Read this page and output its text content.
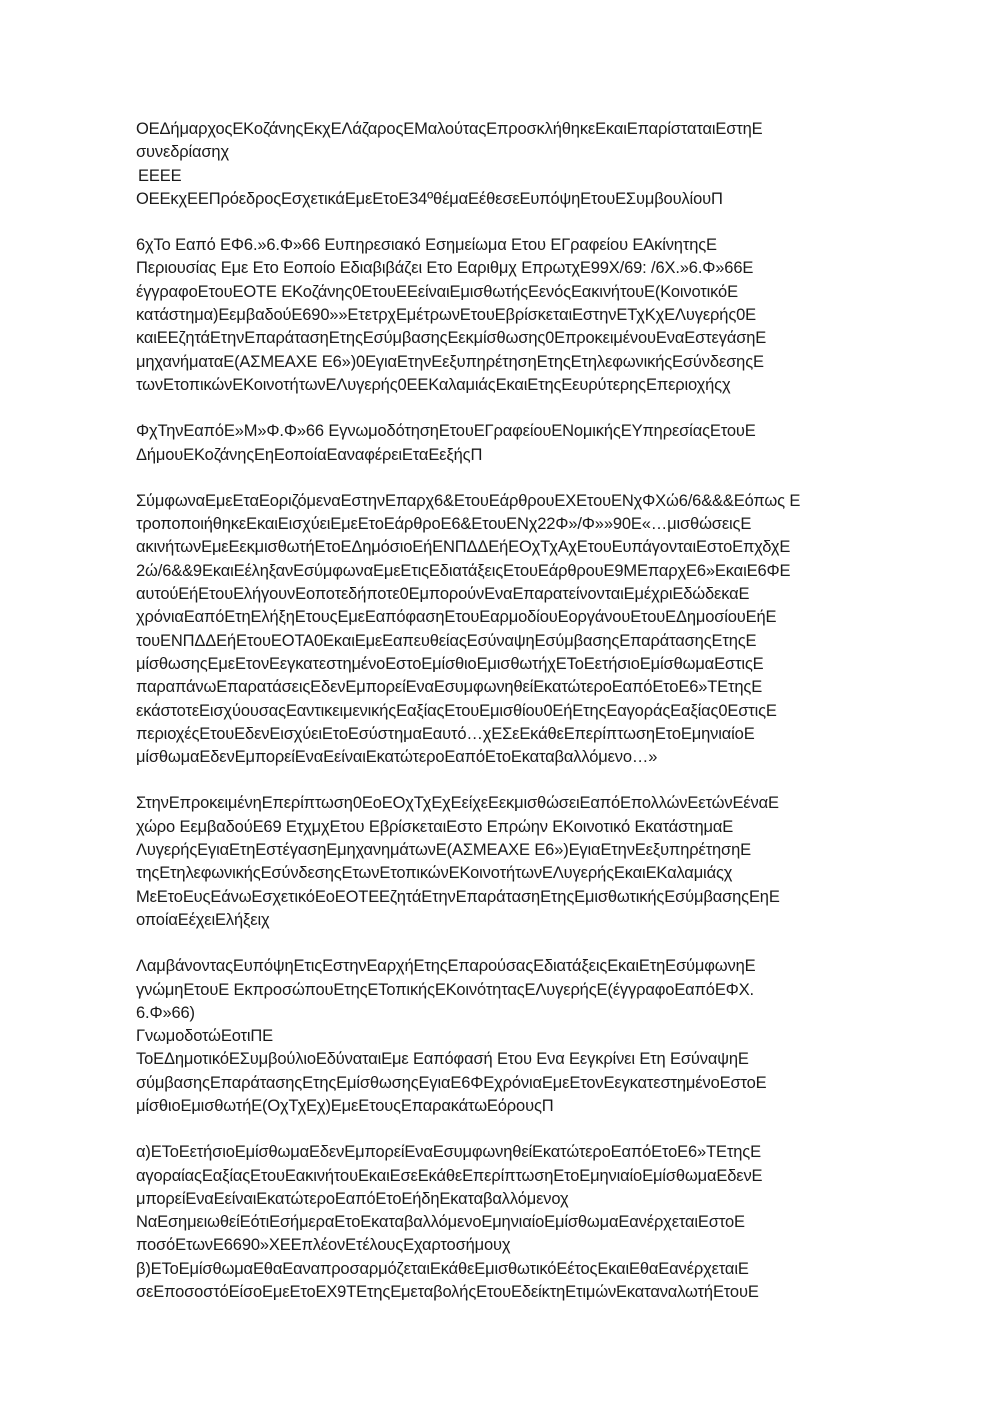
ΟΕΔήμαρχοςΕΚοζάνηςΕκχΕΛάζαροςΕΜαλούταςΕπροσκλήθηκεΕκαιΕπαρίσταταιΕστηΕ
συνεδρίασηχ
ΕΕΕΕ
ΟΕΕκχΕΕΠρόεδροςΕσχετικάΕμεΕτοΕ34ºθέμαΕέθεσεΕυπόψηΕτουΕΣυμβουλίουΠ
6χΤο Εαπό ΕΦ6.»6.Φ»66 Ευπηρεσιακό Εσημείωμα Ετου ΕΓραφείου ΕΑκίνητηςΕ
Περιουσίας Εμε Ετο Εοποίο Εδιαβιβάζει Ετο Εαριθμχ ΕπρωτχΕ99Χ/69: /6Χ.»6.Φ»66Ε
έγγραφοΕτουΕΟΤΕ ΕΚοζάνης0ΕτουΕΕείναιΕμισθωτήςΕενόςΕακινήτουΕ(ΚοινοτικόΕ
κατάστημα)ΕεμβαδούΕ690»»ΕτετρχΕμέτρωνΕτουΕβρίσκεταιΕστηνΕΤχΚχΕΛυγερής0Ε
καιΕΕζητάΕτηνΕπαράτασηΕτηςΕσύμβασηςΕεκμίσθωσης0ΕπροκειμένουΕναΕστεγάσηΕ
μηχανήματαΕ(ΑΣΜΕΑΧΕ Ε6»)0ΕγιαΕτηνΕεξυπηρέτησηΕτηςΕτηλεφωνικήςΕσύνδεσηςΕ
τωνΕτοπικώνΕΚοινοτήτωνΕΛυγερής0ΕΕΚαλαμιάςΕκαιΕτηςΕευρύτερηςΕπεριοχήςχ
ΦχΤηνΕαπόΕ»Μ»Φ.Φ»66 ΕγνωμοδότησηΕτουΕΓραφείουΕΝομικήςΕΥπηρεσίαςΕτουΕ
ΔήμουΕΚοζάνηςΕηΕοποίαΕαναφέρειΕταΕεξήςΠ
ΣύμφωναΕμεΕταΕοριζόμεναΕστηνΕπαρχ6&ΕτουΕάρθρουΕΧΕτουΕΝχΦΧώ6/6&&&Εόπως Ε
τροποποιήθηκεΕκαιΕισχύειΕμεΕτοΕάρθροΕ6&ΕτουΕΝχ22Φ»/Φ»»90Ε«…μισθώσειςΕ
ακινήτωνΕμεΕεκμισθωτήΕτοΕΔημόσιοΕήΕΝΠΔΔΕήΕΟχΤχΑχΕτουΕυπάγονταιΕστοΕπχδχΕ
2ώ/6&&9ΕκαιΕέληξανΕσύμφωναΕμεΕτιςΕδιατάξειςΕτουΕάρθρουΕ9ΜΕπαρχΕ6»ΕκαιΕ6ΦΕ
αυτούΕήΕτουΕλήγουνΕοποτεδήποτε0ΕμπορούνΕναΕπαρατείνονταιΕμέχριΕδώδεκαΕ
χρόνιαΕαπόΕτηΕλήξηΕτουςΕμεΕαπόφασηΕτουΕαρμοδίουΕοργάνουΕτουΕΔημοσίουΕήΕ
τουΕΝΠΔΔΕήΕτουΕΟΤΑ0ΕκαιΕμεΕαπευθείαςΕσύναψηΕσύμβασηςΕπαράτασηςΕτηςΕ
μίσθωσηςΕμεΕτονΕεγκατεστημένοΕστοΕμίσθιοΕμισθωτήχΕΤοΕετήσιοΕμίσθωμαΕστιςΕ
παραπάνωΕπαρατάσειςΕδενΕμπορείΕναΕσυμφωνηθείΕκατώτεροΕαπόΕτοΕ6»ΤΕτηςΕ
εκάστοτεΕισχύουσαςΕαντικειμενικήςΕαξίαςΕτουΕμισθίου0ΕήΕτηςΕαγοράςΕαξίας0ΕστιςΕ
περιοχέςΕτουΕδενΕισχύειΕτοΕσύστημαΕαυτό…χΕΣεΕκάθεΕπερίπτωσηΕτοΕμηνιαίοΕ
μίσθωμαΕδενΕμπορείΕναΕείναιΕκατώτεροΕαπόΕτοΕκαταβαλλόμενο…»
ΣτηνΕπροκειμένηΕπερίπτωση0ΕοΕΟχΤχΕχΕείχεΕεκμισθώσειΕαπόΕπολλώνΕετώνΕέναΕ
χώρο ΕεμβαδούΕ69 ΕτχμχΕτου ΕβρίσκεταιΕστο Επρώην ΕΚοινοτικό ΕκατάστημαΕ
ΛυγερήςΕγιαΕτηΕστέγασηΕμηχανημάτωνΕ(ΑΣΜΕΑΧΕ Ε6»)ΕγιαΕτηνΕεξυπηρέτησηΕ
τηςΕτηλεφωνικήςΕσύνδεσηςΕτωνΕτοπικώνΕΚοινοτήτωνΕΛυγερήςΕκαιΕΚαλαμιάςχ
ΜεΕτοΕυςΕάνωΕσχετικόΕοΕΟΤΕΕζητάΕτηνΕπαράτασηΕτηςΕμισθωτικήςΕσύμβασηςΕηΕ
οποίαΕέχειΕλήξειχ
ΛαμβάνονταςΕυπόψηΕτιςΕστηνΕαρχήΕτηςΕπαρούσαςΕδιατάξειςΕκαιΕτηΕσύμφωνηΕ
γνώμηΕτουΕ ΕκπροσώπουΕτηςΕΤοπικήςΕΚοινότηταςΕΛυγερήςΕ(έγγραφοΕαπόΕΦΧ.
6.Φ»66)
ΓνωμοδοτώΕοτιΠΕ
ΤοΕΔημοτικόΕΣυμβούλιοΕδύναταιΕμε Εαπόφασή Ετου Ενα Εεγκρίνει Ετη ΕσύναψηΕ
σύμβασηςΕπαράτασηςΕτηςΕμίσθωσηςΕγιαΕ6ΦΕχρόνιαΕμεΕτονΕεγκατεστημένοΕστοΕ
μίσθιοΕμισθωτήΕ(ΟχΤχΕχ)ΕμεΕτουςΕπαρακάτωΕόρουςΠ
α)ΕΤοΕετήσιοΕμίσθωμαΕδενΕμπορείΕναΕσυμφωνηθείΕκατώτεροΕαπόΕτοΕ6»ΤΕτηςΕ
αγοραίαςΕαξίαςΕτουΕακινήτουΕκαιΕσεΕκάθεΕπερίπτωσηΕτοΕμηνιαίοΕμίσθωμαΕδενΕ
μπορείΕναΕείναιΕκατώτεροΕαπόΕτοΕήδηΕκαταβαλλόμενοχ
ΝαΕσημειωθείΕότιΕσήμεραΕτοΕκαταβαλλόμενοΕμηνιαίοΕμίσθωμαΕανέρχεταιΕστοΕ
ποσόΕτωνΕ6690»ΧΕΕπλέονΕτέλουςΕχαρτοσήμουχ
β)ΕΤοΕμίσθωμαΕθαΕαναπροσαρμόζεταιΕκάθεΕμισθωτικόΕέτοςΕκαιΕθαΕανέρχεταιΕ
σεΕποσοστόΕίσοΕμεΕτοΕΧ9ΤΕτηςΕμεταβολήςΕτουΕδείκτηΕτιμώνΕκαταναλωτήΕτουΕ
